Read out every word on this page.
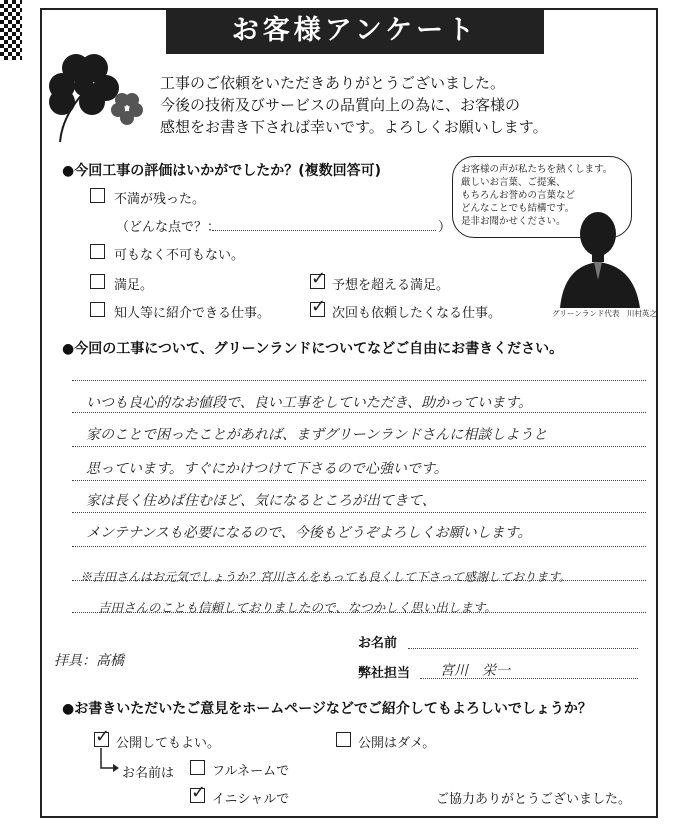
お客様アンケート
工事のご依頼をいただきありがとうございました。
今後の技術及びサービスの品質向上の為に、お客様の
感想をお書き下されば幸いです。よろしくお願いします。
●今回工事の評価はいかがでしたか？(複数回答可)
不満が残った。
（どんな点で？：	）
可もなく不可もない。
満足。
知人等に紹介できる仕事。
✓ 予想を超える満足。
✓ 次回も依頼したくなる仕事。
お客様の声が私たちを熱くします。
厳しいお言葉、ご提案、
もちろんお誉めの言葉など
どんなことでも結構です。
是非お聞かせください。
グリーンランド代表　川村英之
●今回の工事について、グリーンランドについてなどご自由にお書きください。
いつも良心的なお値段で、良い工事をしていただき、助かっています。
家のことで困ったことがあれば、まずグリーンランドさんに相談しようと
思っています。すぐにかけつけて下さるので心強いです。
家は長く住めば住むほど、気になるところが出てきて、
メンテナンスも必要になるので、今後もどうぞよろしくお願いします。
※吉田さんはお元気でしょうか？宮川さんをもっても良くして下さって感謝しております。
吉田さんのことも信頼しておりましたので、なつかしく思い出します。
拝具：高橋
お名前
弊社担当 宮川　栄一
●お書きいただいたご意見をホームページなどでご紹介してもよろしいでしょうか？
✓ 公開してもよい。	公開はダメ。
お名前は	フルネームで
✓ イニシャルで	ご協力ありがとうございました。
